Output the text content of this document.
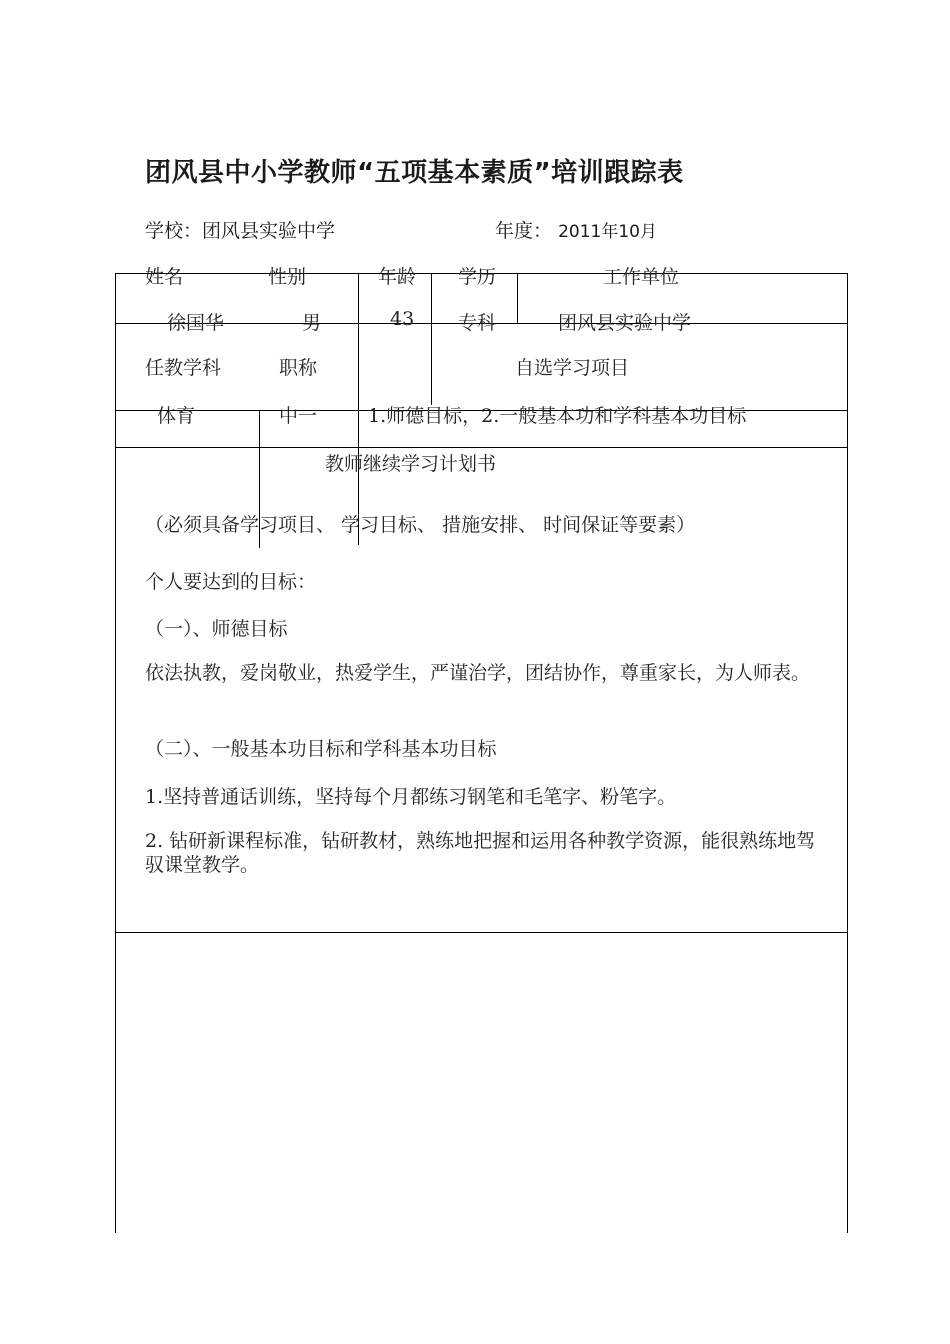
团风县中小学教师“五项基本素质”培训跟踪表
学校：团风县实验中学	年度： 2011年10月
姓名	性别	年龄 学历	工作单位
徐国华	男	43 专科	团风县实验中学
任教学科	职称	自选学习项目
体育	中一	1.师德目标，2.一般基本功和学科基本功目标
教师继续学习计划书
（必须具备学习项目、 学习目标、 措施安排、 时间保证等要素）
个人要达到的目标：
（一）、师德目标
依法执教，爱岗敬业，热爱学生，严谨治学，团结协作，尊重家长，为人师表。
（二）、一般基本功目标和学科基本功目标
1.坚持普通话训练，坚持每个月都练习钢笔和毛笔字、粉笔字。
2. 钻研新课程标准，钻研教材，熟练地把握和运用各种教学资源，能很熟练地驾驭课堂教学。
